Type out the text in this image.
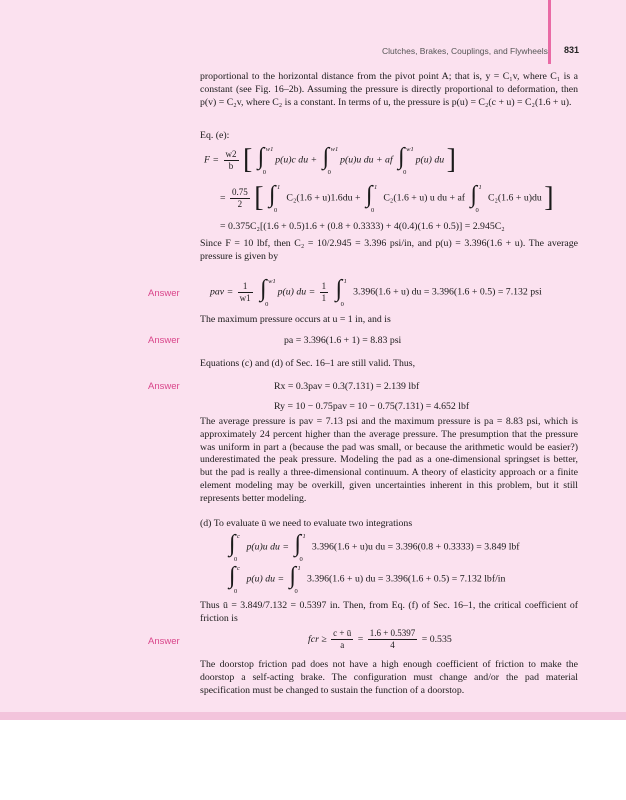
Clutches, Brakes, Couplings, and Flywheels 831

proportional to the horizontal distance from the pivot point A; that is, y = C₁v, where C₁ is a constant (see Fig. 16–2b). Assuming the pressure is directly proportional to deformation, then p(v) = C₂v, where C₂ is a constant. In terms of u, the pressure is p(u) = C₂(c + u) = C₂(1.6 + u).

Eq. (e):

$F = \frac{w2}{b}$ [ ∫ w1
0
p(u)c du + ∫ w1
0
p(u)u du + af ∫ w1
0
p(u) du ]
= $\frac{0.75}{2}$ [ ∫ 1
0
C₂(1.6 + u)1.6du + ∫ 1
0
C₂(1.6 + u) u du + af ∫ 1
0
C₂(1.6 + u)du ]
= 0.375C₂[(1.6 + 0.5)1.6 + (0.8 + 0.3333) + 4(0.4)(1.6 + 0.5)] = 2.945C₂

Since F = 10 lbf, then C₂ = 10/2.945 = 3.396 psi/in, and p(u) = 3.396(1.6 + u). The average pressure is given by

Answer	pav = $\frac{1}{w1}$
∫ w1
0
p(u) du = $\frac{1}{1}$
∫ 1
0
3.396(1.6 + u) du = 3.396(1.6 + 0.5) = 7.132 psi

The maximum pressure occurs at u = 1 in, and is

Answer	pa = 3.396(1.6 + 1) = 8.83 psi

Equations (c) and (d) of Sec. 16–1 are still valid. Thus,

Answer	Rx = 0.3pav = 0.3(7.131) = 2.139 lbf
Ry = 10 − 0.75pav = 10 − 0.75(7.131) = 4.652 lbf

The average pressure is pav = 7.13 psi and the maximum pressure is pa = 8.83 psi, which is approximately 24 percent higher than the average pressure. The presumption that the pressure was uniform in part a (because the pad was small, or because the arithmetic would be easier?) underestimated the peak pressure. Modeling the pad as a one-dimensional springset is better, but the pad is really a three-dimensional continuum. A theory of elasticity approach or a finite element modeling may be overkill, given uncertainties inherent in this problem, but it still represents better modeling.

(d) To evaluate ū we need to evaluate two integrations

∫ c
0
p(u)u du = ∫ 1
0
3.396(1.6 + u)u du = 3.396(0.8 + 0.3333) = 3.849 lbf
∫ c
0
p(u) du = ∫ 1
0
3.396(1.6 + u) du = 3.396(1.6 + 0.5) = 7.132 lbf/in

Thus ū = 3.849/7.132 = 0.5397 in. Then, from Eq. (f) of Sec. 16–1, the critical coefficient of friction is

Answer	fcr ≥ $\frac{c + ū}{a} = \frac{1.6 + 0.5397}{4} = 0.535$

The doorstop friction pad does not have a high enough coefficient of friction to make the doorstop a self-acting brake. The configuration must change and/or the pad material specification must be changed to sustain the function of a doorstop.
